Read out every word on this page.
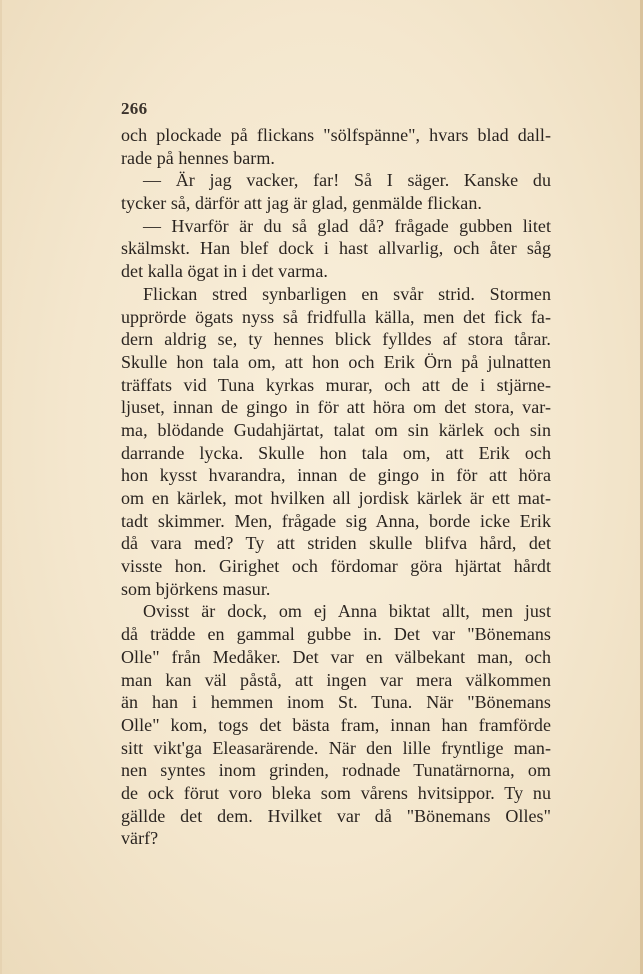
266
och plockade på flickans "sölfspänne", hvars blad dall-
rade på hennes barm.
— Är jag vacker, far! Så I säger. Kanske du
tycker så, därför att jag är glad, genmälde flickan.
— Hvarför är du så glad då? frågade gubben litet
skälmskt. Han blef dock i hast allvarlig, och åter såg
det kalla ögat in i det varma.
Flickan stred synbarligen en svår strid. Stormen
upprörde ögats nyss så fridfulla källa, men det fick fa-
dern aldrig se, ty hennes blick fylldes af stora tårar.
Skulle hon tala om, att hon och Erik Örn på julnatten
träffats vid Tuna kyrkas murar, och att de i stjärne-
ljuset, innan de gingo in för att höra om det stora, var-
ma, blödande Gudahjärtat, talat om sin kärlek och sin
darrande lycka. Skulle hon tala om, att Erik och
hon kysst hvarandra, innan de gingo in för att höra
om en kärlek, mot hvilken all jordisk kärlek är ett mat-
tadt skimmer. Men, frågade sig Anna, borde icke Erik
då vara med? Ty att striden skulle blifva hård, det
visste hon. Girighet och fördomar göra hjärtat hårdt
som björkens masur.
Ovisst är dock, om ej Anna biktat allt, men just
då trädde en gammal gubbe in. Det var "Bönemans
Olle" från Medåker. Det var en välbekant man, och
man kan väl påstå, att ingen var mera välkommen
än han i hemmen inom St. Tuna. När "Bönemans
Olle" kom, togs det bästa fram, innan han framförde
sitt vikt'ga Eleasarärende. När den lille fryntlige man-
nen syntes inom grinden, rodnade Tunatärnorna, om
de ock förut voro bleka som vårens hvitsippor. Ty nu
gällde det dem. Hvilket var då "Bönemans Olles"
värf?
